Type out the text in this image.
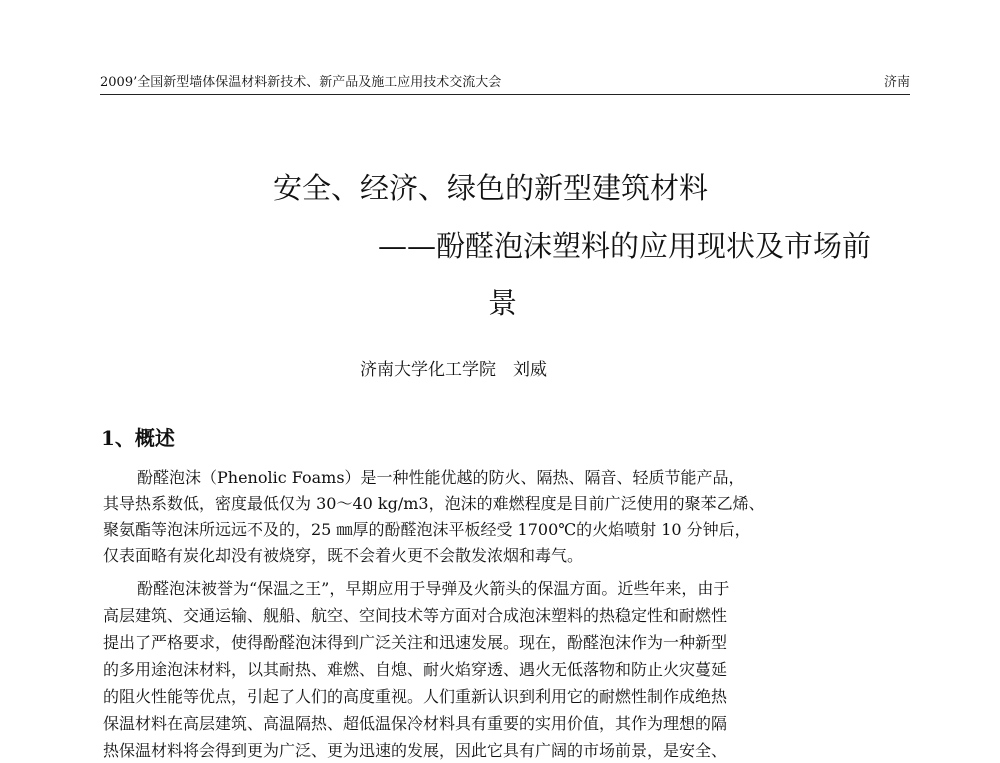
2009’全国新型墙体保温材料新技术、新产品及施工应用技术交流大会	济南
安全、经济、绿色的新型建筑材料
——酚醛泡沫塑料的应用现状及市场前
景
济南大学化工学院　刘威
1、概述
酚醛泡沫（Phenolic Foams）是一种性能优越的防火、隔热、隔音、轻质节能产品，
其导热系数低，密度最低仅为 30～40 kg/m3，泡沫的难燃程度是目前广泛使用的聚苯乙烯、
聚氨酯等泡沫所远远不及的，25 ㎜厚的酚醛泡沫平板经受 1700℃的火焰喷射 10 分钟后，
仅表面略有炭化却没有被烧穿，既不会着火更不会散发浓烟和毒气。
酚醛泡沫被誉为“保温之王”，早期应用于导弹及火箭头的保温方面。近些年来，由于
高层建筑、交通运输、舰船、航空、空间技术等方面对合成泡沫塑料的热稳定性和耐燃性
提出了严格要求，使得酚醛泡沫得到广泛关注和迅速发展。现在，酚醛泡沫作为一种新型
的多用途泡沫材料，以其耐热、难燃、自熄、耐火焰穿透、遇火无低落物和防止火灾蔓延
的阻火性能等优点，引起了人们的高度重视。人们重新认识到利用它的耐燃性制作成绝热
保温材料在高层建筑、高温隔热、超低温保冷材料具有重要的实用价值，其作为理想的隔
热保温材料将会得到更为广泛、更为迅速的发展，因此它具有广阔的市场前景，是安全、
